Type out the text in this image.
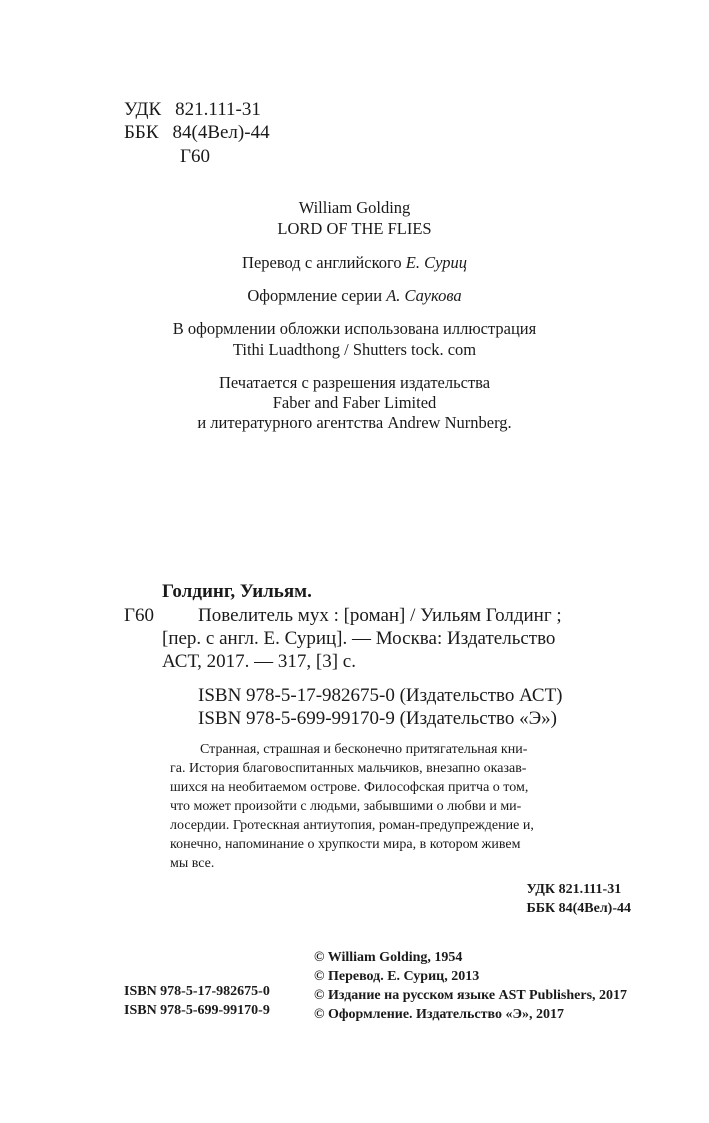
УДК 821.111-31
ББК 84(4Вел)-44
Г60
William Golding
LORD OF THE FLIES
Перевод с английского Е. Суриц
Оформление серии А. Саукова
В оформлении обложки использована иллюстрация
Tithi Luadthong / Shutters tock. com
Печатается с разрешения издательства
Faber and Faber Limited
и литературного агентства Andrew Nurnberg.
Голдинг, Уильям.
Г60 Повелитель мух : [роман] / Уильям Голдинг ;
[пер. с англ. Е. Суриц]. — Москва: Издательство
АСТ, 2017. — 317, [3] с.
ISBN 978-5-17-982675-0 (Издательство АСТ)
ISBN 978-5-699-99170-9 (Издательство «Э»)
Странная, страшная и бесконечно притягательная кни-
га. История благовоспитанных мальчиков, внезапно оказав-
шихся на необитаемом острове. Философская притча о том,
что может произойти с людьми, забывшими о любви и ми-
лосердии. Гротескная антиутопия, роман-предупреждение и,
конечно, напоминание о хрупкости мира, в котором живем
мы все.
УДК 821.111-31
ББК 84(4Вел)-44
ISBN 978-5-17-982675-0
ISBN 978-5-699-99170-9
© William Golding, 1954
© Перевод. Е. Суриц, 2013
© Издание на русском языке AST Publishers, 2017
© Оформление. Издательство «Э», 2017
